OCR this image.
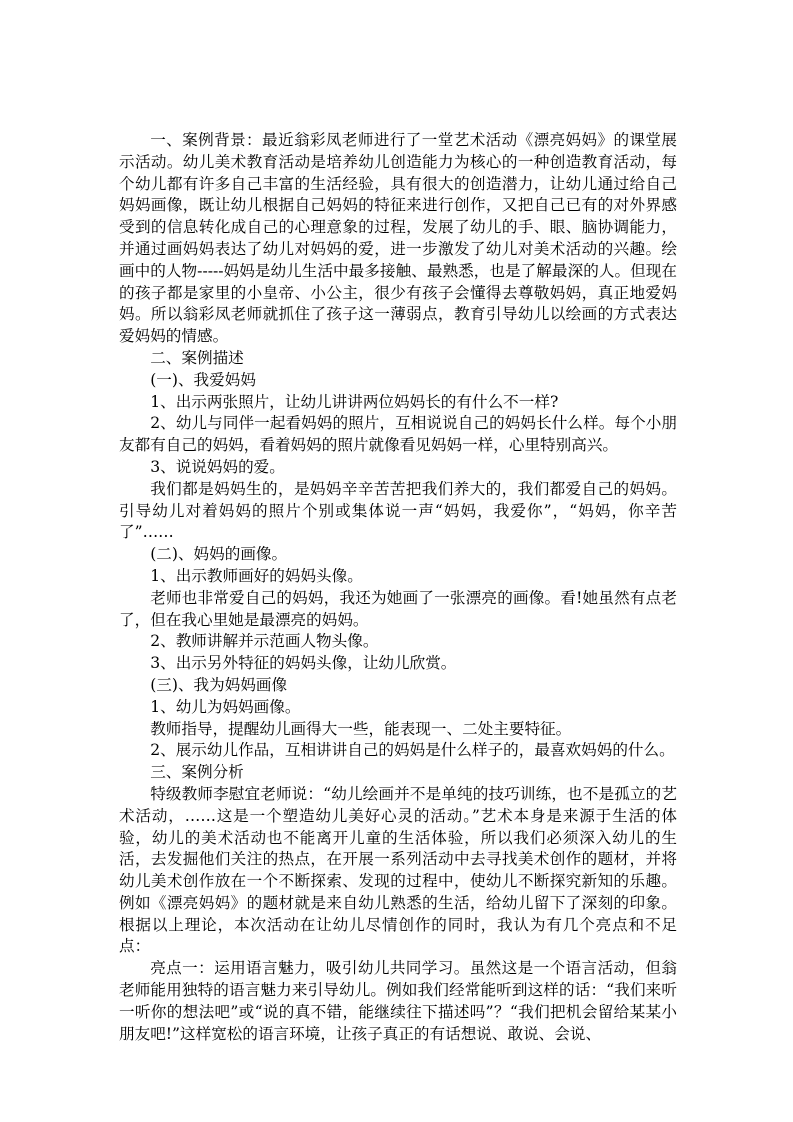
一、案例背景：最近翁彩凤老师进行了一堂艺术活动《漂亮妈妈》的课堂展示活动。幼儿美术教育活动是培养幼儿创造能力为核心的一种创造教育活动，每个幼儿都有许多自己丰富的生活经验，具有很大的创造潜力，让幼儿通过给自己妈妈画像，既让幼儿根据自己妈妈的特征来进行创作，又把自己已有的对外界感受到的信息转化成自己的心理意象的过程，发展了幼儿的手、眼、脑协调能力，并通过画妈妈表达了幼儿对妈妈的爱，进一步激发了幼儿对美术活动的兴趣。绘画中的人物-----妈妈是幼儿生活中最多接触、最熟悉，也是了解最深的人。但现在的孩子都是家里的小皇帝、小公主，很少有孩子会懂得去尊敬妈妈，真正地爱妈妈。所以翁彩凤老师就抓住了孩子这一薄弱点，教育引导幼儿以绘画的方式表达爱妈妈的情感。

二、案例描述

(一)、我爱妈妈

1、出示两张照片，让幼儿讲讲两位妈妈长的有什么不一样?

2、幼儿与同伴一起看妈妈的照片，互相说说自己的妈妈长什么样。每个小朋友都有自己的妈妈，看着妈妈的照片就像看见妈妈一样，心里特别高兴。

3、说说妈妈的爱。

我们都是妈妈生的，是妈妈辛辛苦苦把我们养大的，我们都爱自己的妈妈。引导幼儿对着妈妈的照片个别或集体说一声“妈妈，我爱你”，“妈妈，你辛苦了”……

(二)、妈妈的画像。

1、出示教师画好的妈妈头像。

老师也非常爱自己的妈妈，我还为她画了一张漂亮的画像。看!她虽然有点老了，但在我心里她是最漂亮的妈妈。

2、教师讲解并示范画人物头像。

3、出示另外特征的妈妈头像，让幼儿欣赏。

(三)、我为妈妈画像

1、幼儿为妈妈画像。

教师指导，提醒幼儿画得大一些，能表现一、二处主要特征。

2、展示幼儿作品，互相讲讲自己的妈妈是什么样子的，最喜欢妈妈的什么。

三、案例分析

特级教师李慰宜老师说：“幼儿绘画并不是单纯的技巧训练，也不是孤立的艺术活动，……这是一个塑造幼儿美好心灵的活动。”艺术本身是来源于生活的体验，幼儿的美术活动也不能离开儿童的生活体验，所以我们必须深入幼儿的生活，去发掘他们关注的热点，在开展一系列活动中去寻找美术创作的题材，并将幼儿美术创作放在一个不断探索、发现的过程中，使幼儿不断探究新知的乐趣。例如《漂亮妈妈》的题材就是来自幼儿熟悉的生活，给幼儿留下了深刻的印象。根据以上理论，本次活动在让幼儿尽情创作的同时，我认为有几个亮点和不足点：

亮点一：运用语言魅力，吸引幼儿共同学习。虽然这是一个语言活动，但翁老师能用独特的语言魅力来引导幼儿。例如我们经常能听到这样的话：“我们来听一听你的想法吧”或“说的真不错，能继续往下描述吗”？“我们把机会留给某某小朋友吧!”这样宽松的语言环境，让孩子真正的有话想说、敢说、会说、
